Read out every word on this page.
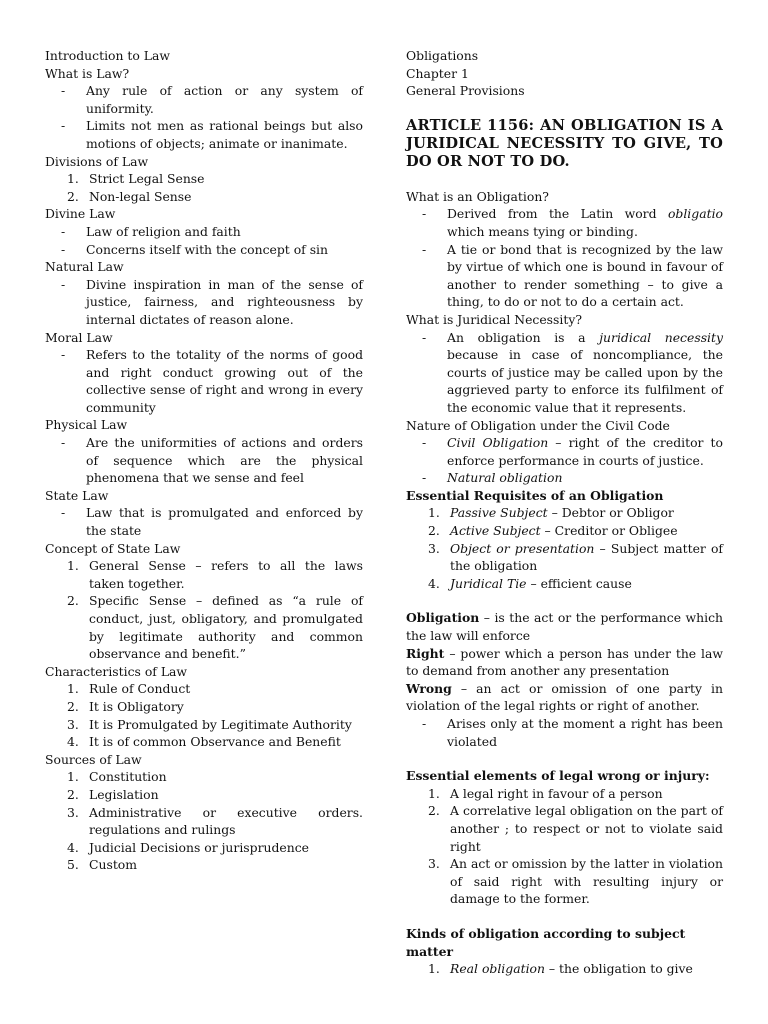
Introduction to Law

What is Law?

-	Any rule of action or any system of uniformity.
-	Limits not men as rational beings but also motions of objects; animate or inanimate.

Divisions of Law

1. Strict Legal Sense
2. Non-legal Sense

Divine Law

-	Law of religion and faith
-	Concerns itself with the concept of sin

Natural Law

-	Divine inspiration in man of the sense of justice, fairness, and righteousness by internal dictates of reason alone.

Moral Law

-	Refers to the totality of the norms of good and right conduct growing out of the collective sense of right and wrong in every community

Physical Law

-	Are the uniformities of actions and orders of sequence which are the physical phenomena that we sense and feel

State Law

-	Law that is promulgated and enforced by the state

Concept of State Law

1. General Sense – refers to all the laws taken together.
2. Specific Sense – defined as “a rule of conduct, just, obligatory, and promulgated by legitimate authority and common observance and benefit.”

Characteristics of Law

1. Rule of Conduct
2. It is Obligatory
3. It is Promulgated by Legitimate Authority
4. It is of common Observance and Benefit

Sources of Law

1. Constitution
2. Legislation
3. Administrative or executive orders. regulations and rulings
4. Judicial Decisions or jurisprudence
5. Custom

Obligations

Chapter 1

General Provisions

ARTICLE 1156: AN OBLIGATION IS A JURIDICAL NECESSITY TO GIVE, TO DO OR NOT TO DO.

What is an Obligation?

-	Derived from the Latin word obligatio which means tying or binding.
-	A tie or bond that is recognized by the law by virtue of which one is bound in favour of another to render something – to give a thing, to do or not to do a certain act.

What is Juridical Necessity?

-	An obligation is a juridical necessity because in case of noncompliance, the courts of justice may be called upon by the aggrieved party to enforce its fulfilment of the economic value that it represents.

Nature of Obligation under the Civil Code

-	Civil Obligation – right of the creditor to enforce performance in courts of justice.
-	Natural obligation

Essential Requisites of an Obligation

1. Passive Subject – Debtor or Obligor
2. Active Subject – Creditor or Obligee
3. Object or presentation – Subject matter of the obligation
4. Juridical Tie – efficient cause

Obligation – is the act or the performance which the law will enforce

Right – power which a person has under the law to demand from another any presentation

Wrong – an act or omission of one party in violation of the legal rights or right of another.

-	Arises only at the moment a right has been violated

Essential elements of legal wrong or injury:

1. A legal right in favour of a person
2. A correlative legal obligation on the part of another ; to respect or not to violate said right
3. An act or omission by the latter in violation of said right with resulting injury or damage to the former.

Kinds of obligation according to subject matter

1. Real obligation – the obligation to give
